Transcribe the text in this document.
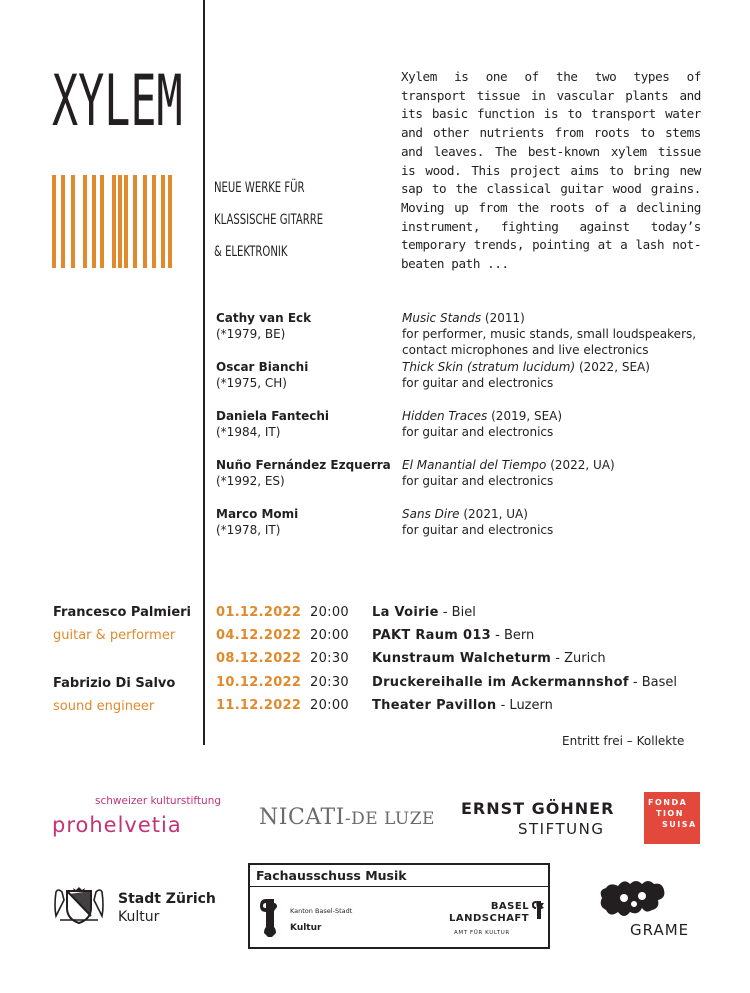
XYLEM
NEUE WERKE FÜR
KLASSISCHE GITARRE
& ELEKTRONIK
Xylem is one of the two types of transport tissue in vascular plants and its basic function is to transport water and other nutrients from roots to stems and leaves. The best-known xylem tissue is wood. This project aims to bring new sap to the classical guitar wood grains. Moving up from the roots of a declining instrument, fighting against today’s temporary trends, pointing at a lash not-beaten path ...
Cathy van Eck
(*1979, BE)
Music Stands (2011)
for performer, music stands, small loudspeakers,
contact microphones and live electronics
Oscar Bianchi
(*1975, CH)
Thick Skin (stratum lucidum) (2022, SEA)
for guitar and electronics
Daniela Fantechi
(*1984, IT)
Hidden Traces (2019, SEA)
for guitar and electronics
Nuño Fernández Ezquerra
(*1992, ES)
El Manantial del Tiempo (2022, UA)
for guitar and electronics
Marco Momi
(*1978, IT)
Sans Dire (2021, UA)
for guitar and electronics
Francesco Palmieri
guitar & performer
Fabrizio Di Salvo
sound engineer
01.12.2022 20:00 La Voirie - Biel
04.12.2022 20:00 PAKT Raum 013 - Bern
08.12.2022 20:30 Kunstraum Walcheturm - Zurich
10.12.2022 20:30 Druckereihalle im Ackermannshof - Basel
11.12.2022 20:00 Theater Pavillon - Luzern
Entritt frei – Kollekte
schweizer kulturstiftung
prohelvetia	NICATI-DE LUZE
ERNST GÖHNER
STIFTUNG
FONDA
TION
SUISA
Stadt Zürich
Kultur
Fachausschuss Musik
Kanton Basel-Stadt
Kultur
BASEL
LANDSCHAFT
AMT FÜR KULTUR	GRAME
